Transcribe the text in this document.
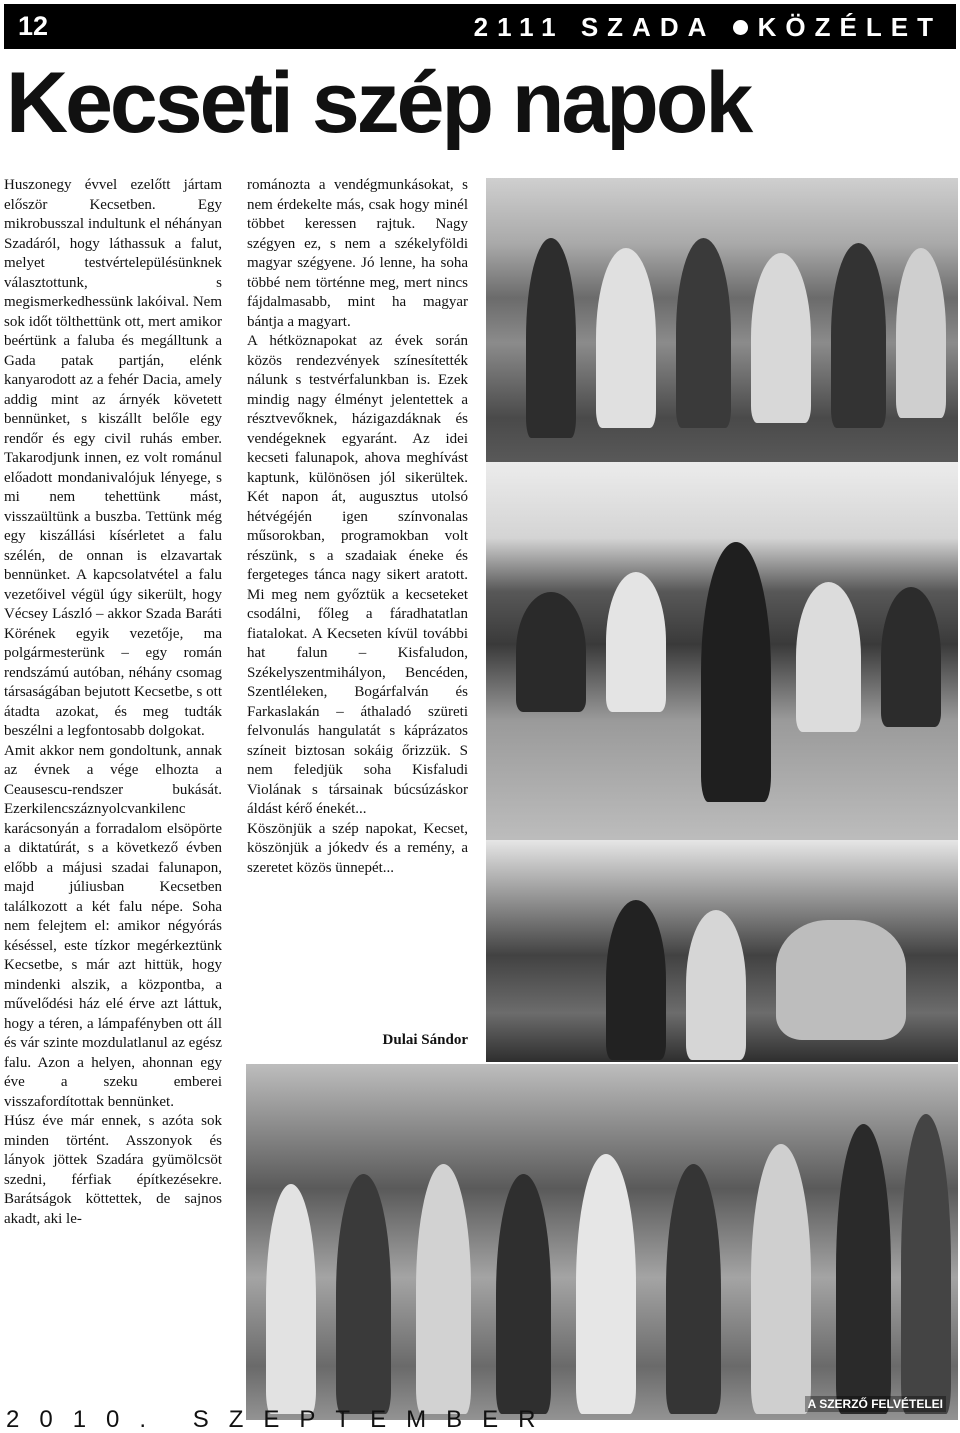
12	2111 SZADA KÖZÉLET
Kecseti szép napok

Huszonegy évvel ezelőtt jártam először Kecsetben. Egy mikrobusszal indultunk el néhányan Szadáról, hogy láthassuk a falut, melyet testvértelepülésünknek választottunk, s megismerkedhessünk lakóival. Nem sok időt tölthettünk ott, mert amikor beértünk a faluba és megálltunk a Gada patak partján, elénk kanyarodott az a fehér Dacia, amely addig mint az árnyék követett bennünket, s kiszállt belőle egy rendőr és egy civil ruhás ember. Takarodjunk innen, ez volt románul előadott mondanivalójuk lényege, s mi nem tehettünk mást, visszaültünk a buszba. Tettünk még egy kiszállási kísérletet a falu szélén, de onnan is elzavartak bennünket. A kapcsolatvétel a falu vezetőivel végül úgy sikerült, hogy Vécsey László – akkor Szada Baráti Körének egyik vezetője, ma polgármesterünk – egy román rendszámú autóban, néhány csomag társaságában bejutott Kecsetbe, s ott átadta azokat, és meg tudták beszélni a legfontosabb dolgokat.

Amit akkor nem gondoltunk, annak az évnek a vége elhozta a Ceausescu-rendszer bukását. Ezerkilencszáznyolcvankilenc karácsonyán a forradalom elsöpörte a diktatúrát, s a következő évben előbb a májusi szadai falunapon, majd júliusban Kecsetben találkozott a két falu népe. Soha nem felejtem el: amikor négyórás késéssel, este tízkor megérkeztünk Kecsetbe, s már azt hittük, hogy mindenki alszik, a központba, a művelődési ház elé érve azt láttuk, hogy a téren, a lámpafényben ott áll és vár szinte mozdulatlanul az egész falu. Azon a helyen, ahonnan egy éve a szeku emberei visszafordítottak bennünket.

Húsz éve már ennek, s azóta sok minden történt. Asszonyok és lányok jöttek Szadára gyümölcsöt szedni, férfiak építkezésekre. Barátságok köttettek, de sajnos akadt, aki le-

románozta a vendégmunkásokat, s nem érdekelte más, csak hogy minél többet keressen rajtuk. Nagy szégyen ez, s nem a székelyföldi magyar szégyene. Jó lenne, ha soha többé nem történne meg, mert nincs fájdalmasabb, mint ha magyar bántja a magyart.

A hétköznapokat az évek során közös rendezvények színesítették nálunk s testvérfalunkban is. Ezek mindig nagy élményt jelentettek a résztvevőknek, házigazdáknak és vendégeknek egyaránt. Az idei kecseti falunapok, ahova meghívást kaptunk, különösen jól sikerültek. Két napon át, augusztus utolsó hétvégéjén igen színvonalas műsorokban, programokban volt részünk, s a szadaiak éneke és fergeteges tánca nagy sikert aratott. Mi meg nem győztük a kecseteket csodálni, főleg a fáradhatatlan fiatalokat. A Kecseten kívül további hat falun – Kisfaludon, Székelyszentmihályon, Bencéden, Szentléleken, Bogárfalván és Farkaslakán – áthaladó szüreti felvonulás hangulatát s káprázatos színeit biztosan sokáig őrizzük. S nem feledjük soha Kisfaludi Violának s társainak búcsúzáskor áldást kérő énekét...

Köszönjük a szép napokat, Kecset, köszönjük a jókedv és a remény, a szeretet közös ünnepét...

Dulai Sándor
A SZERZŐ FELVÉTELEI
2010. SZEPTEMBER
